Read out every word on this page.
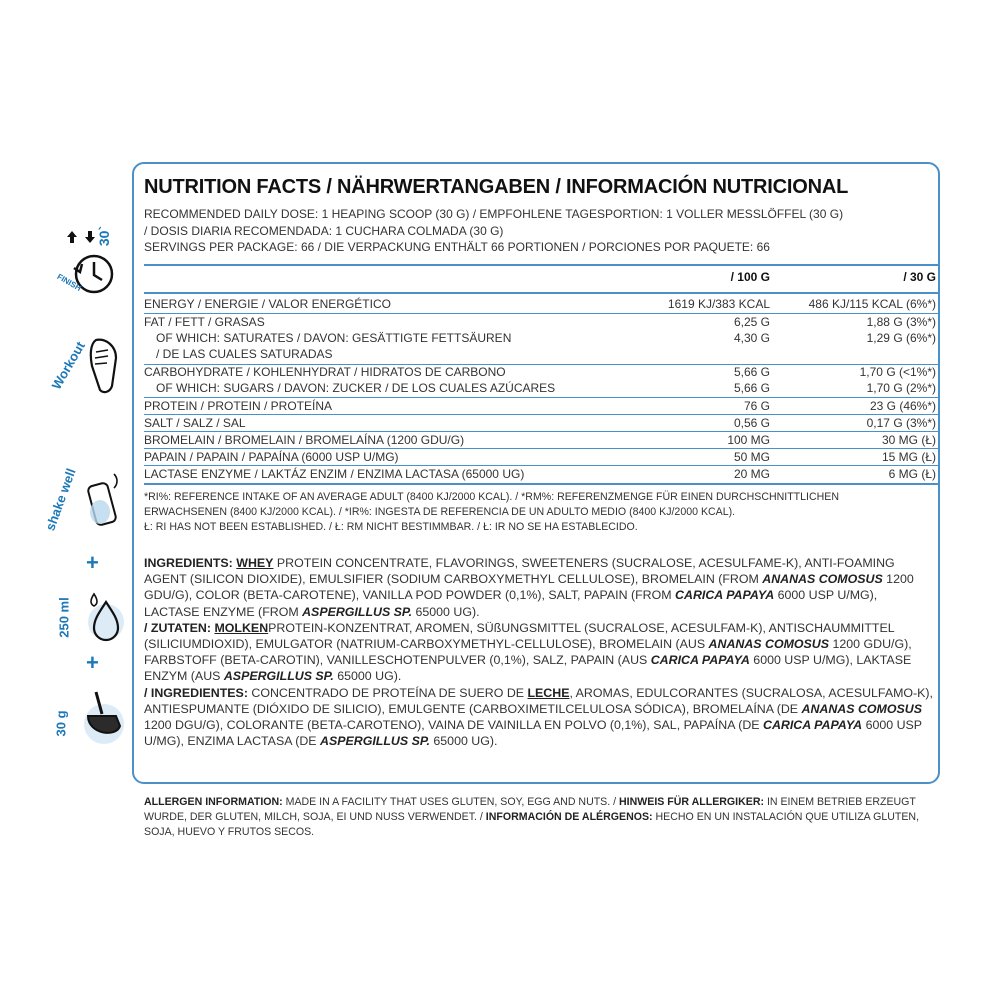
30`
FINISH
Workout
shake well
+
250 ml
+
30 g
NUTRITION FACTS / NÄHRWERTANGABEN / INFORMACIÓN NUTRICIONAL
RECOMMENDED DAILY DOSE: 1 HEAPING SCOOP (30 G) / EMPFOHLENE TAGESPORTION: 1 VOLLER MESSLÖFFEL (30 G)
/ DOSIS DIARIA RECOMENDADA: 1 CUCHARA COLMADA (30 G)
SERVINGS PER PACKAGE: 66 / DIE VERPACKUNG ENTHÄLT 66 PORTIONEN / PORCIONES POR PAQUETE: 66
/ 100 G	/ 30 G
ENERGY / ENERGIE / VALOR ENERGÉTICO	1619 KJ/383 KCAL	486 KJ/115 KCAL (6%*)
FAT / FETT / GRASAS	6,25 G	1,88 G (3%*)
OF WHICH: SATURATES / DAVON: GESÄTTIGTE FETTSÄUREN	4,30 G	1,29 G (6%*)
/ DE LAS CUALES SATURADAS
CARBOHYDRATE / KOHLENHYDRAT / HIDRATOS DE CARBONO	5,66 G	1,70 G (<1%*)
OF WHICH: SUGARS / DAVON: ZUCKER / DE LOS CUALES AZÚCARES	5,66 G	1,70 G (2%*)
PROTEIN / PROTEIN / PROTEÍNA	76 G	23 G (46%*)
SALT / SALZ / SAL	0,56 G	0,17 G (3%*)
BROMELAIN / BROMELAIN / BROMELAÍNA (1200 GDU/G)	100 MG	30 MG (Ł)
PAPAIN / PAPAIN / PAPAÍNA (6000 USP U/MG)	50 MG	15 MG (Ł)
LACTASE ENZYME / LAKTÁZ ENZIM / ENZIMA LACTASA (65000 UG)	20 MG	6 MG (Ł)
*RI%: REFERENCE INTAKE OF AN AVERAGE ADULT (8400 KJ/2000 KCAL). / *RM%: REFERENZMENGE FÜR EINEN DURCHSCHNITTLICHEN
ERWACHSENEN (8400 KJ/2000 KCAL). / *IR%: INGESTA DE REFERENCIA DE UN ADULTO MEDIO (8400 KJ/2000 KCAL).
Ł: RI HAS NOT BEEN ESTABLISHED. / Ł: RM NICHT BESTIMMBAR. / Ł: IR NO SE HA ESTABLECIDO.
INGREDIENTS: WHEY PROTEIN CONCENTRATE, FLAVORINGS, SWEETENERS (SUCRALOSE, ACESULFAME-K), ANTI-FOAMING AGENT (SILICON DIOXIDE), EMULSIFIER (SODIUM CARBOXYMETHYL CELLULOSE), BROMELAIN (FROM ANANAS COMOSUS 1200 GDU/G), COLOR (BETA-CAROTENE), VANILLA POD POWDER (0,1%), SALT, PAPAIN (FROM CARICA PAPAYA 6000 USP U/MG), LACTASE ENZYME (FROM ASPERGILLUS SP. 65000 UG).
/ ZUTATEN: MOLKENPROTEIN-KONZENTRAT, AROMEN, SÜßUNGSMITTEL (SUCRALOSE, ACESULFAM-K), ANTISCHAUMMITTEL (SILICIUMDIOXID), EMULGATOR (NATRIUM-CARBOXYMETHYL-CELLULOSE), BROMELAIN (AUS ANANAS COMOSUS 1200 GDU/G), FARBSTOFF (BETA-CAROTIN), VANILLESCHOTENPULVER (0,1%), SALZ, PAPAIN (AUS CARICA PAPAYA 6000 USP U/MG), LAKTASE ENZYM (AUS ASPERGILLUS SP. 65000 UG).
/ INGREDIENTES: CONCENTRADO DE PROTEÍNA DE SUERO DE LECHE, AROMAS, EDULCORANTES (SUCRALOSA, ACESULFAMO-K), ANTIESPUMANTE (DIÓXIDO DE SILICIO), EMULGENTE (CARBOXIMETILCELULOSA SÓDICA), BROMELAÍNA (DE ANANAS COMOSUS 1200 DGU/G), COLORANTE (BETA-CAROTENO), VAINA DE VAINILLA EN POLVO (0,1%), SAL, PAPAÍNA (DE CARICA PAPAYA 6000 USP U/MG), ENZIMA LACTASA (DE ASPERGILLUS SP. 65000 UG).
ALLERGEN INFORMATION: MADE IN A FACILITY THAT USES GLUTEN, SOY, EGG AND NUTS. / HINWEIS FÜR ALLERGIKER: IN EINEM BETRIEB ERZEUGT WURDE, DER GLUTEN, MILCH, SOJA, EI UND NUSS VERWENDET. / INFORMACIÓN DE ALÉRGENOS: HECHO EN UN INSTALACIÓN QUE UTILIZA GLUTEN, SOJA, HUEVO Y FRUTOS SECOS.
